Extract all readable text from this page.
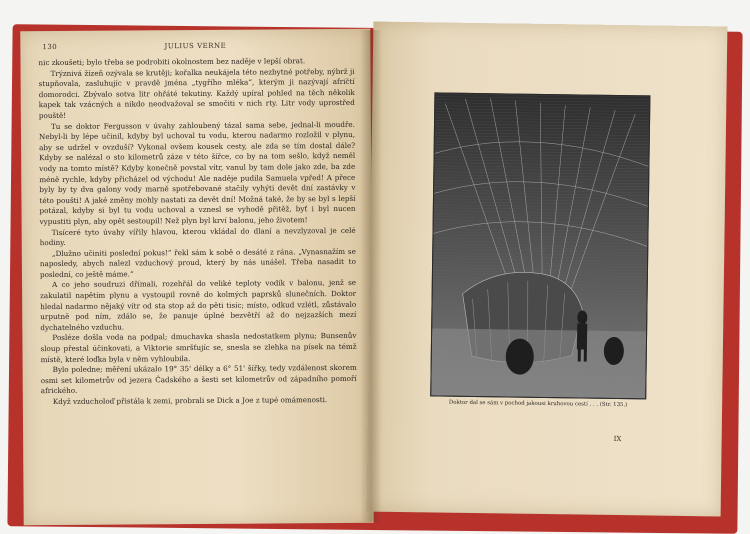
130	JULIUS VERNE

nic zkoušeti; bylo třeba se podrobiti okolnostem bez naděje v lepší obrat.

Trýznivá žízeň ozývala se krutěji; kořalka neukájela této nezbytné potřeby, nýbrž ji stupňovala, zasluhujíc v pravdě jména „tygřího mléka“, kterým ji nazývají afričtí domorodci. Zbývalo sotva litr ohřáté tekutiny. Každý upíral pohled na těch několik kapek tak vzácných a nikdo neodvažoval se smočiti v nich rty. Litr vody uprostřed pouště!

Tu se doktor Fergusson v úvahy zahloubený tázal sama sebe, jednal-li moudře. Nebyl-li by lépe učinil, kdyby byl uchoval tu vodu, kterou nadarmo rozložil v plynu, aby se udržel v ovzduší? Vykonal ovšem kousek cesty, ale zda se tím dostal dále? Kdyby se nalézal o sto kilometrů záze v této šířce, co by na tom sešlo, když neměl vody na tomto místě? Kdyby konečně povstal vítr, vanul by tam dole jako zde, ba zde méně rychle, kdyby přicházel od východu! Ale naděje pudila Samuela vpřed! A přece byly by ty dva galony vody marně spotřebované stačily vyhýti devět dní zastávky v této poušti! A jaké změny mohly nastati za devět dní! Možná také, že by se byl s lepší potázal, kdyby si byl tu vodu uchoval a vznesl se vyhodě přitěž, byť i byl nucen vypustiti plyn, aby opět sestoupil! Než plyn byl krví balonu, jeho životem!

Tisíceré tyto úvahy vířily hlavou, kterou vkládal do dlaní a nevzlyzoval je celé hodiny.

„Dlužno učiniti poslední pokus!“ řekl sám k sobě o desáté z rána. „Vynasnažím se naposledy, abych nalezl vzduchový proud, který by nás unášel. Třeba nasadit to poslední, co ještě máme.“

A co jeho soudruzi dřímali, rozehřál do veliké teploty vodík v balonu, jenž se zakulatil napětím plynu a vystoupil rovně do kolmých paprsků slunečních. Doktor hledal nadarmo nějaký vítr od sta stop až do pěti tisíc; místo, odkud vzlétl, zůstávalo urputně pod ním, zdálo se, že panuje úplné bezvětří až do nejzazších mezí dychatelného vzduchu.

Posléze došla voda na podpal; dmuchavka shasla nedostatkem plynu; Bunsenův sloup přestal účinkovati, a Viktorie smršťujíc se, snesla se zlehka na písek na témž místě, které loďka byla v něm vyhloubila.

Bylo poledne; měření ukázalo 19° 35' délky a 6° 51' šířky, tedy vzdálenost skorem osmi set kilometrův od jezera Čadského a šesti set kilometrův od západního pomoří afrického.

Když vzducholoď přistála k zemi, probrali se Dick a Joe z tupé omámenosti.	Doktor dal se sám v pochod jakousi kruhovou cestí . . . (Str. 135.)
IX
